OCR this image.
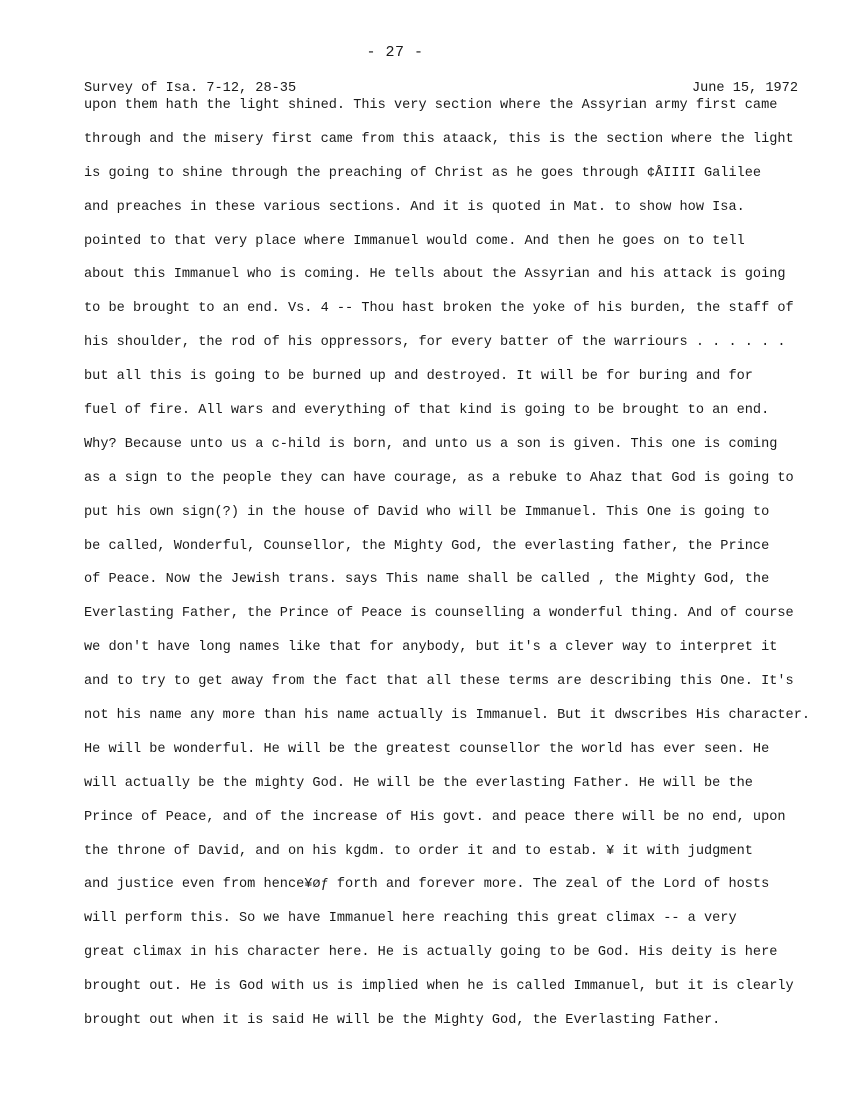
- 27 -
Survey of Isa. 7-12, 28-35	June 15, 1972
upon them hath the light shined. This very section where the Assyrian army first came
through and the misery first came from this ataack, this is the section where the light
is going to shine through the preaching of Christ as he goes through ¢ÅIIII Galilee
and preaches in these various sections. And it is quoted in Mat. to show how Isa.
pointed to that very place where Immanuel would come. And then he goes on to tell
about this Immanuel who is coming. He tells about the Assyrian and his attack is going
to be brought to an end. Vs. 4 -- Thou hast broken the yoke of his burden, the staff of
his shoulder, the rod of his oppressors, for every batter of the warriours . . . . . .
but all this is going to be burned up and destroyed. It will be for buring and for
fuel of fire. All wars and everything of that kind is going to be brought to an end.
Why? Because unto us a c-hild is born, and unto us a son is given. This one is coming
as a sign to the people they can have courage, as a rebuke to Ahaz that God is going to
put his own sign(?) in the house of David who will be Immanuel. This One is going to
be called, Wonderful, Counsellor, the Mighty God, the everlasting father, the Prince
of Peace. Now the Jewish trans. says This name shall be called , the Mighty God, the
Everlasting Father, the Prince of Peace is counselling a wonderful thing. And of course
we don't have long names like that for anybody, but it's a clever way to interpret it
and to try to get away from the fact that all these terms are describing this One. It's
not his name any more than his name actually is Immanuel. But it dwscribes His character.
He will be wonderful. He will be the greatest counsellor the world has ever seen. He
will actually be the mighty God. He will be the everlasting Father. He will be the
Prince of Peace, and of the increase of His govt. and peace there will be no end, upon
the throne of David, and on his kgdm. to order it and to estab. ¥ it with judgment
and justice even from hence¥øƒ forth and forever more. The zeal of the Lord of hosts
will perform this. So we have Immanuel here reaching this great climax -- a very
great climax in his character here. He is actually going to be God. His deity is here
brought out. He is God with us is implied when he is called Immanuel, but it is clearly
brought out when it is said He will be the Mighty God, the Everlasting Father.
